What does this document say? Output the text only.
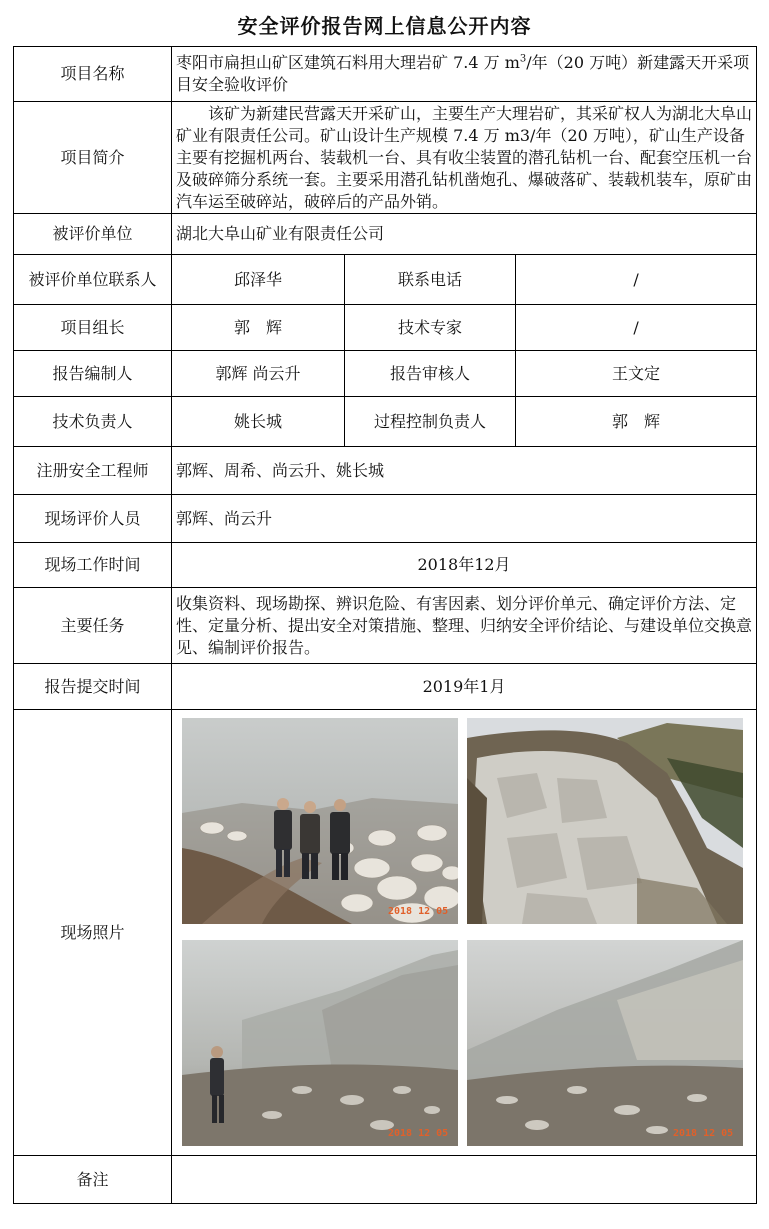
安全评价报告网上信息公开内容
项目名称	枣阳市扁担山矿区建筑石料用大理岩矿 7.4 万 $m^3/$年（20 万吨）新建露天开采项目安全验收评价		
项目简介	该矿为新建民营露天开采矿山，主要生产大理岩矿，其采矿权人为湖北大阜山矿业有限责任公司。矿山设计生产规模 7.4 万 m3/年（20 万吨），矿山生产设备主要有挖掘机两台、装载机一台、具有收尘装置的潜孔钻机一台、配套空压机一台及破碎筛分系统一套。主要采用潜孔钻机凿炮孔、爆破落矿、装载机装车，原矿由汽车运至破碎站，破碎后的产品外销。		

被评价单位	湖北大阜山矿业有限责任公司		
被评价单位联系人	邱泽华	联系电话	/
项目组长	郭　辉	技术专家	/
报告编制人	郭辉 尚云升	报告审核人	王文定
技术负责人	姚长城	过程控制负责人	郭　辉
注册安全工程师	郭辉、周希、尚云升、姚长城		
现场评价人员	郭辉、尚云升		
现场工作时间	2018年12月		
主要任务	收集资料、现场勘探、辨识危险、有害因素、划分评价单元、确定评价方法、定性、定量分析、提出安全对策措施、整理、归纳安全评价结论、与建设单位交换意见、编制评价报告。		
报告提交时间	2019年1月		
现场照片	2018 12 05
2018 12 05 2018 12 05		

备注			
